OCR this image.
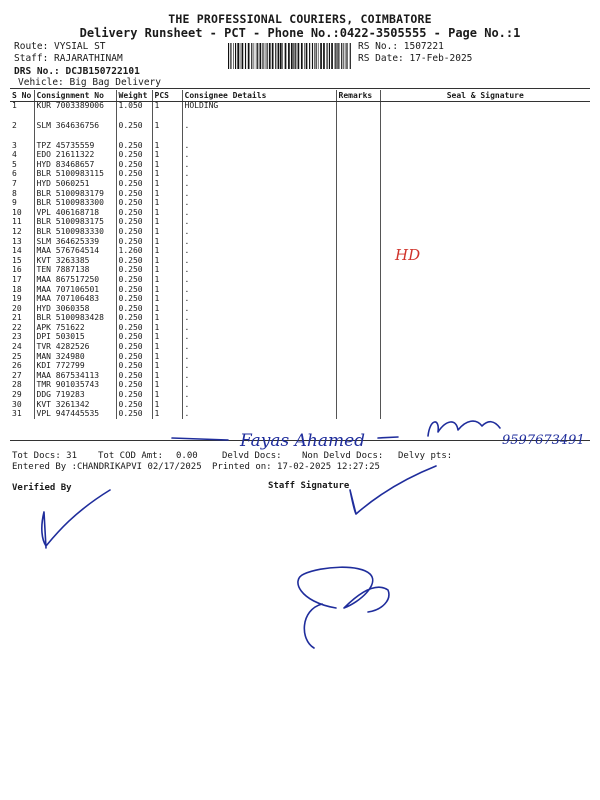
THE PROFESSIONAL COURIERS, COIMBATORE
Delivery Runsheet - PCT - Phone No.:0422-3505555 - Page No.:1
Route: VYSIAL ST
Staff: RAJARATHINAM
DRS No.: DCJB150722101
Vehicle: Big Bag Delivery
RS No.: 1507221
RS Date: 17-Feb-2025
S No	Consignment No	Weight	PCS	Consignee Details	Remarks	Seal & Signature
1	KUR 7003389006	1.050	1	HOLDING		
2	SLM 364636756	0.250	1	.		
3	TPZ 45735559	0.250	1	.		
4	EDO 21611322	0.250	1	.		
5	HYD 83468657	0.250	1	.		
6	BLR 5100983115	0.250	1	.		
7	HYD 5060251	0.250	1	.		
8	BLR 5100983179	0.250	1	.		
9	BLR 5100983300	0.250	1	.		
10	VPL 406168718	0.250	1	.		
11	BLR 5100983175	0.250	1	.		
12	BLR 5100983330	0.250	1	.		
13	SLM 364625339	0.250	1	.		
14	MAA 576764514	1.260	1	.		
15	KVT 3263385	0.250	1	.		
16	TEN 7887138	0.250	1	.		
17	MAA 867517250	0.250	1	.		
18	MAA 707106501	0.250	1	.		
19	MAA 707106483	0.250	1	.		
20	HYD 3060358	0.250	1	.		
21	BLR 5100983428	0.250	1	.		
22	APK 751622	0.250	1	.		
23	DPI 503015	0.250	1	.		
24	TVR 4282526	0.250	1	.		
25	MAN 324980	0.250	1	.		
26	KDI 772799	0.250	1	.		
27	MAA 867534113	0.250	1	.		
28	TMR 901035743	0.250	1	.		
29	DDG 719283	0.250	1	.		
30	KVT 3261342	0.250	1	.		
31	VPL 947445535	0.250	1	.		
Tot Docs: 31 Tot COD Amt: 0.00	Delvd Docs: Non Delvd Docs: Delvy pts:
Entered By :CHANDRIKAPVI 02/17/2025 Printed on: 17-02-2025 12:27:25
Verified By	Staff Signature
HD
Fayas Ahamed	9597673491
